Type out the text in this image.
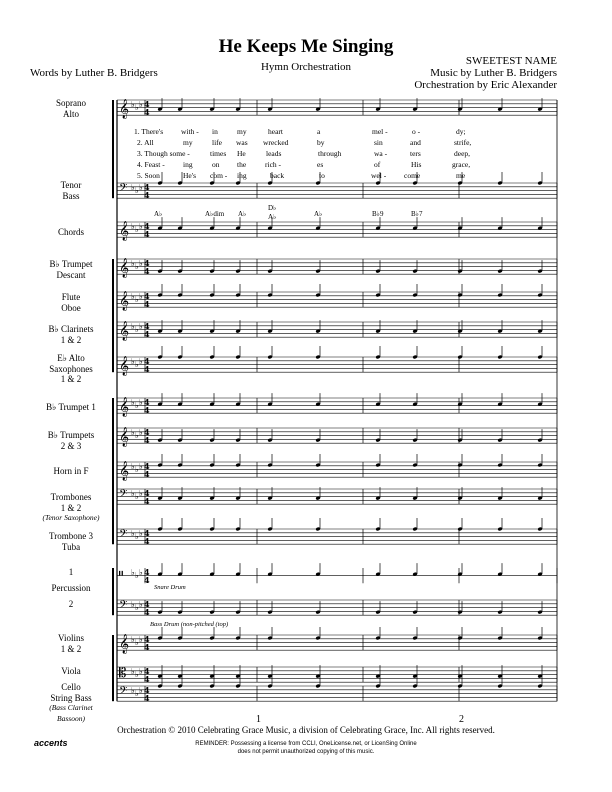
He Keeps Me Singing
Hymn Orchestration
Words by Luther B. Bridgers
SWEETEST NAME
Music by Luther B. Bridgers
Orchestration by Eric Alexander
Soprano
Alto
Tenor
Bass
Chords
B♭ Trumpet
Descant
Flute
Oboe
B♭ Clarinets
1 & 2
E♭ Alto
Saxophones
1 & 2
B♭ Trumpet 1
B♭ Trumpets
2 & 3
Horn in F
Trombones
1 & 2
(Tenor Saxophone)
Trombone 3
Tuba
1
Percussion
2
Violins
1 & 2
Viola
Cello
String Bass
(Bass Clarinet
Bassoon)
1. There's with - in	my	heart	a	mel -	o -	dy;
2. All	my	life was wrecked	by	sin	and	strife,
3. Though some -	times He	leads	through	wa -	ters	deep,
4. Feast - ing	on the	rich -	es	of	His	grace,
5. Soon	He's com - ing	back	to	wel - come	me
A♭	A♭dim A♭
D♭
A♭	A♭	B♭9	B♭7
Snare Drum
Bass Drum (non-pitched (top)
1	2
𝄞 ♭ ♭ ♭ 4
4
𝄢 ♭ ♭ ♭ 4
4
𝄞 ♭ ♭ ♭ 4
4
𝄞 ♭ ♭ ♭ 4
4
𝄞 ♭ ♭ ♭ 4
4
𝄞 ♭ ♭ ♭ 4
4
𝄞 ♭ ♭ ♭ 4
4
𝄞 ♭ ♭ ♭ 4
4
𝄞 ♭ ♭ ♭ 4
4
𝄞 ♭ ♭ ♭ 4
4
𝄢 ♭ ♭ ♭ 4
4
𝄢 ♭ ♭ ♭ 4
4
𝄥 ♭ ♭ ♭ 4
4
𝄢 ♭ ♭ ♭ 4
4
𝄞 ♭ ♭ ♭ 4
4
𝄡 ♭ ♭ ♭ 4
4
𝄢 ♭ ♭ ♭ 4
4
Orchestration © 2010 Celebrating Grace Music, a division of Celebrating Grace, Inc. All rights reserved.
REMINDER: Possessing a license from CCLI, OneLicense.net, or LicenSing Online
does not permit unauthorized copying of this music.
accents
